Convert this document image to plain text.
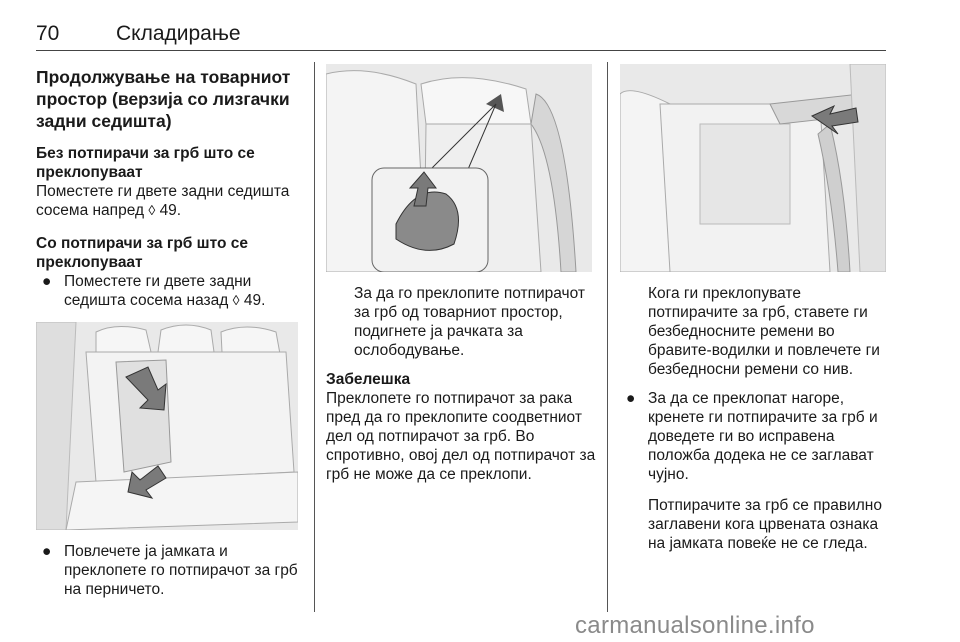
70	Складирање
Продолжување на товарниот простор (верзија со лизгачки задни седишта)
Без потпирачи за грб што се преклопуваат

Поместете ги двете задни седишта сосема напред ◊ 49.

Со потпирачи за грб што се преклопуваат
● Поместете ги двете задни седишта сосема назад ◊ 49.
● Повлечете ја јамката и преклопете го потпирачот за грб на перничето.
За да го преклопите потпирачот за грб од товарниот простор, подигнете ја рачката за ослободување.
Забелешка

Преклопете го потпирачот за рака пред да го преклопите соодветниот дел од потпирачот за грб. Во спротивно, овој дел од потпирачот за грб не може да се преклопи.

Кога ги преклопувате потпирачите за грб, ставете ги безбедносните ремени во бравите-водилки и повлечете ги безбедносни ремени со нив.
● За да се преклопат нагоре, кренете ги потпирачите за грб и доведете ги во исправена положба додека не се заглават чујно.
Потпирачите за грб се правилно заглавени кога црвената ознака на јамката повеќе не се гледа.
carmanualsonline.info
